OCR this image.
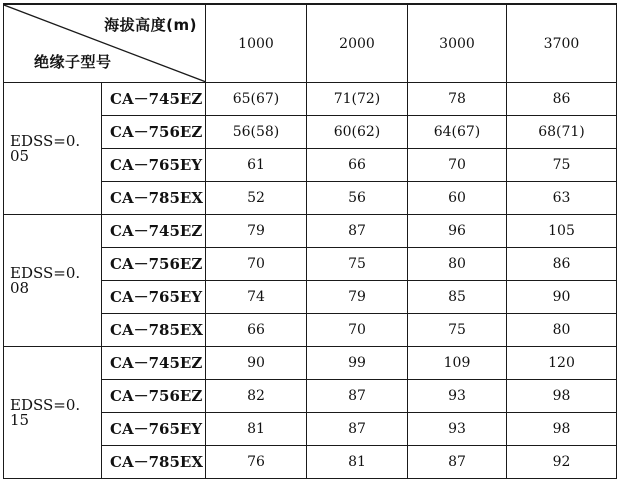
海拔高度(m)
绝缘子型号		1000	2000	3000	3700
EDSS=0. 05	CA－745EZ	65(67)	71(72)	78	86
	CA－756EZ	56(58)	60(62)	64(67)	68(71)
	CA－765EY	61	66	70	75
	CA－785EX	52	56	60	63
EDSS=0. 08	CA－745EZ	79	87	96	105
	CA－756EZ	70	75	80	86
	CA－765EY	74	79	85	90
	CA－785EX	66	70	75	80
EDSS=0. 15	CA－745EZ	90	99	109	120
	CA－756EZ	82	87	93	98
	CA－765EY	81	87	93	98
	CA－785EX	76	81	87	92
